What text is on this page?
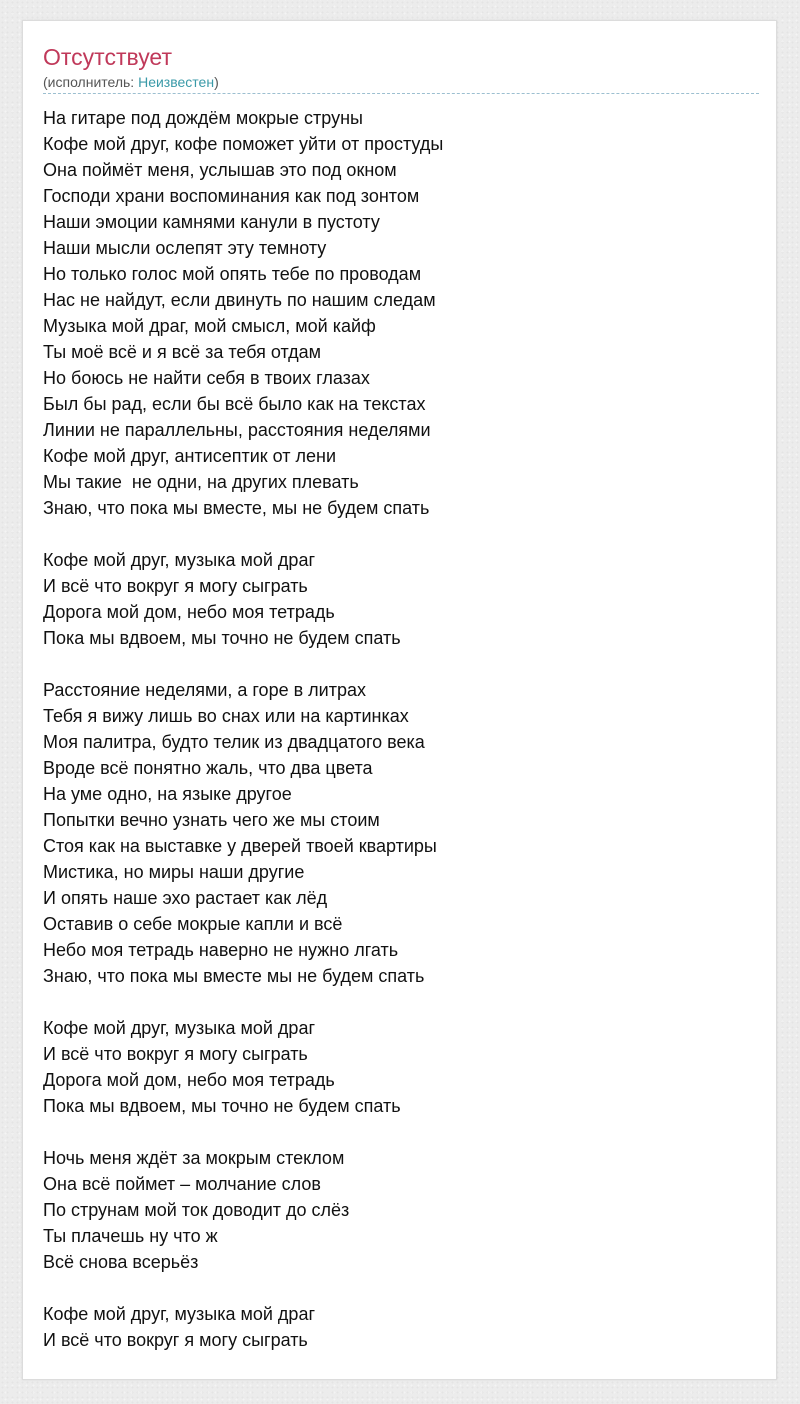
Отсутствует
(исполнитель: Неизвестен)
На гитаре под дождём мокрые струны
Кофе мой друг, кофе поможет уйти от простуды
Она поймёт меня, услышав это под окном
Господи храни воспоминания как под зонтом
Наши эмоции камнями канули в пустоту
Наши мысли ослепят эту темноту
Но только голос мой опять тебе по проводам
Нас не найдут, если двинуть по нашим следам
Музыка мой драг, мой смысл, мой кайф
Ты моё всё и я всё за тебя отдам
Но боюсь не найти себя в твоих глазах
Был бы рад, если бы всё было как на текстах
Линии не параллельны, расстояния неделями
Кофе мой друг, антисептик от лени
Мы такие  не одни, на других плевать
Знаю, что пока мы вместе, мы не будем спать
Кофе мой друг, музыка мой драг
И всё что вокруг я могу сыграть
Дорога мой дом, небо моя тетрадь
Пока мы вдвоем, мы точно не будем спать
Расстояние неделями, а горе в литрах
Тебя я вижу лишь во снах или на картинках
Моя палитра, будто телик из двадцатого века
Вроде всё понятно жаль, что два цвета
На уме одно, на языке другое
Попытки вечно узнать чего же мы стоим
Стоя как на выставке у дверей твоей квартиры
Мистика, но миры наши другие
И опять наше эхо растает как лёд
Оставив о себе мокрые капли и всё
Небо моя тетрадь наверно не нужно лгать
Знаю, что пока мы вместе мы не будем спать
Кофе мой друг, музыка мой драг
И всё что вокруг я могу сыграть
Дорога мой дом, небо моя тетрадь
Пока мы вдвоем, мы точно не будем спать
Ночь меня ждёт за мокрым стеклом
Она всё поймет – молчание слов
По струнам мой ток доводит до слёз
Ты плачешь ну что ж
Всё снова всерьёз
Кофе мой друг, музыка мой драг
И всё что вокруг я могу сыграть
